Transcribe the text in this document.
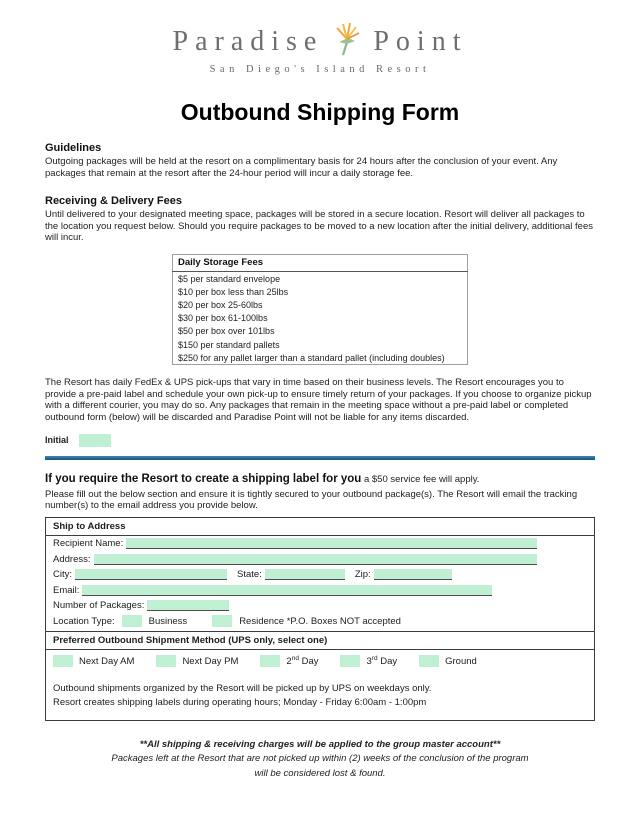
Paradise Point
San Diego's Island Resort
Outbound Shipping Form
Guidelines

Outgoing packages will be held at the resort on a complimentary basis for 24 hours after the conclusion of your event. Any packages that remain at the resort after the 24-hour period will incur a daily storage fee.

Receiving & Delivery Fees

Until delivered to your designated meeting space, packages will be stored in a secure location. Resort will deliver all packages to the location you request below. Should you require packages to be moved to a new location after the initial delivery, additional fees will incur.

Daily Storage Fees
$5 per standard envelope
$10 per box less than 25lbs
$20 per box 25-60lbs
$30 per box 61-100lbs
$50 per box over 101lbs
$150 per standard pallets
$250 for any pallet larger than a standard pallet (including doubles)

The Resort has daily FedEx & UPS pick-ups that vary in time based on their business levels. The Resort encourages you to provide a pre-paid label and schedule your own pick-up to ensure timely return of your packages. If you choose to organize pickup with a different courier, you may do so. Any packages that remain in the meeting space without a pre-paid label or completed outbound form (below) will be discarded and Paradise Point will not be liable for any items discarded.

Initial
If you require the Resort to create a shipping label for you a $50 service fee will apply.

Please fill out the below section and ensure it is tightly secured to your outbound package(s). The Resort will email the tracking number(s) to the email address you provide below.

Ship to Address
Recipient Name:
Address:
City:	State:	Zip:
Email:
Number of Packages:
Location Type:	Business	Residence *P.O. Boxes NOT accepted
Preferred Outbound Shipment Method (UPS only, select one)
Next Day AM	Next Day PM	2nd Day	3rd Day	Ground
Outbound shipments organized by the Resort will be picked up by UPS on weekdays only.
Resort creates shipping labels during operating hours; Monday - Friday 6:00am - 1:00pm
**All shipping & receiving charges will be applied to the group master account**
Packages left at the Resort that are not picked up within (2) weeks of the conclusion of the program
will be considered lost & found.
